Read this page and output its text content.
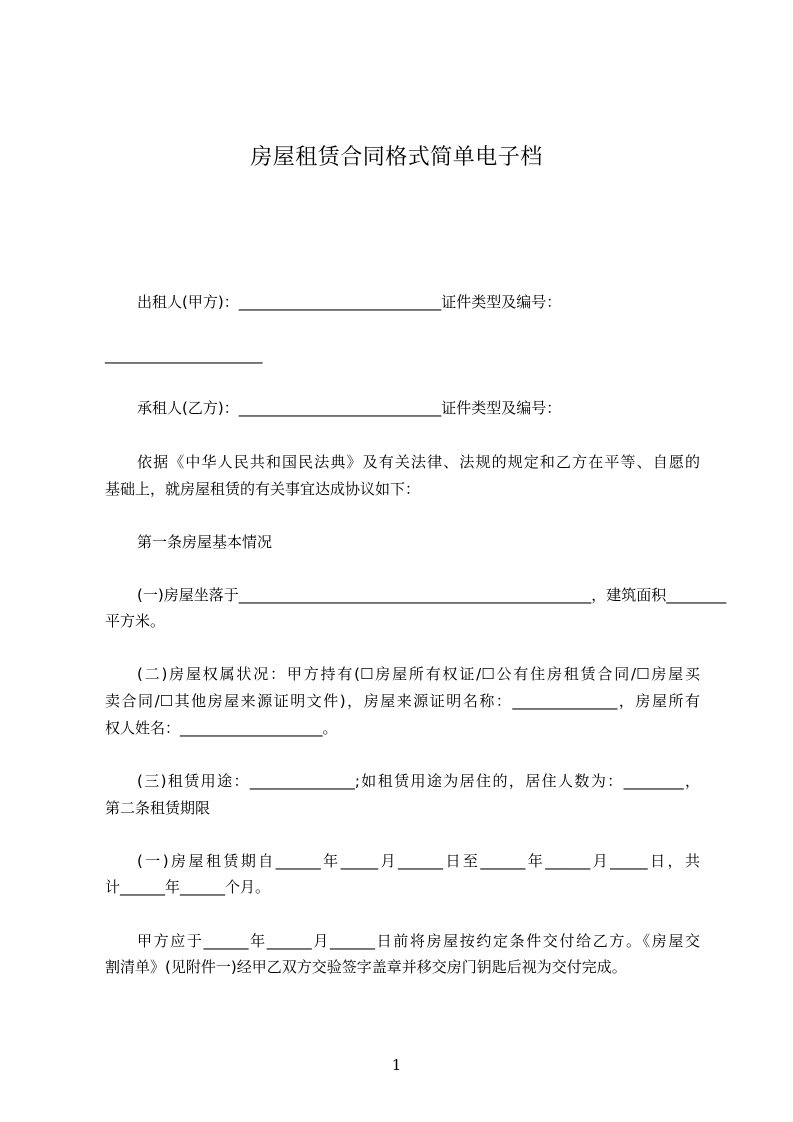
房屋租赁合同格式简单电子档
出租人(甲方)：___________________________证件类型及编号：
_____________________
承租人(乙方)：___________________________证件类型及编号：
依据《中华人民共和国民法典》及有关法律、法规的规定和乙方在平等、自愿的
基础上，就房屋租赁的有关事宜达成协议如下：
第一条房屋基本情况
(一)房屋坐落于_______________________________________________，建筑面积________
平方米。
(二)房屋权属状况：甲方持有(☐房屋所有权证/☐公有住房租赁合同/☐房屋买
卖合同/☐其他房屋来源证明文件)，房屋来源证明名称：______________，房屋所有
权人姓名：___________________。
(三)租赁用途：______________;如租赁用途为居住的，居住人数为：________，
第二条租赁期限
(一)房屋租赁期自______年_____月______日至______年______月_____日，共
计______年______个月。
甲方应于______年______月______日前将房屋按约定条件交付给乙方。《房屋交
割清单》(见附件一)经甲乙双方交验签字盖章并移交房门钥匙后视为交付完成。
1
